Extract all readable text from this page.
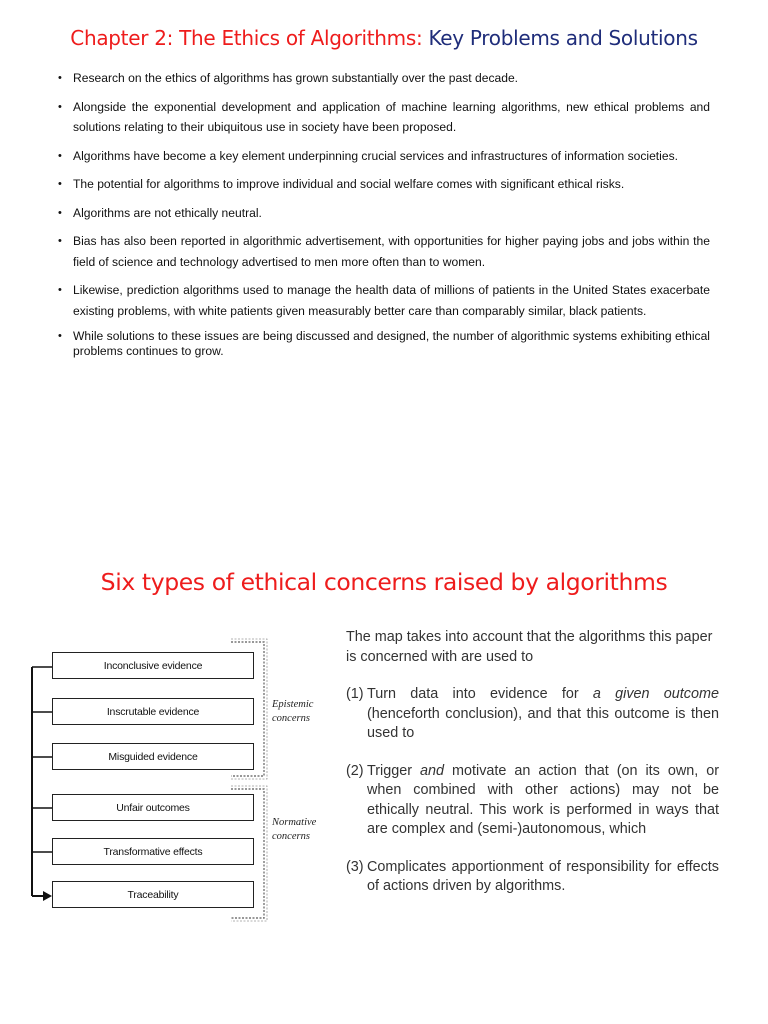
Chapter 2: The Ethics of Algorithms: Key Problems and Solutions
• Research on the ethics of algorithms has grown substantially over the past decade.
• Alongside the exponential development and application of machine learning algorithms, new ethical problems and solutions relating to their ubiquitous use in society have been proposed.
• Algorithms have become a key element underpinning crucial services and infrastructures of information societies.
• The potential for algorithms to improve individual and social welfare comes with significant ethical risks.
• Algorithms are not ethically neutral.
• Bias has also been reported in algorithmic advertisement, with opportunities for higher paying jobs and jobs within the field of science and technology advertised to men more often than to women.
• Likewise, prediction algorithms used to manage the health data of millions of patients in the United States exacerbate existing problems, with white patients given measurably better care than comparably similar, black patients.
• While solutions to these issues are being discussed and designed, the number of algorithmic systems exhibiting ethical problems continues to grow.
Six types of ethical concerns raised by algorithms
Inconclusive evidence
Inscrutable evidence
Misguided evidence
Unfair outcomes
Transformative effects
Traceability
Epistemic
concerns
Normative
concerns

The map takes into account that the algorithms this paper is concerned with are used to

(1) Turn data into evidence for a given outcome (henceforth conclusion), and that this outcome is then used to
(2) Trigger and motivate an action that (on its own, or when combined with other actions) may not be ethically neutral. This work is performed in ways that are complex and (semi-)autonomous, which
(3) Complicates apportionment of responsibility for effects of actions driven by algorithms.
